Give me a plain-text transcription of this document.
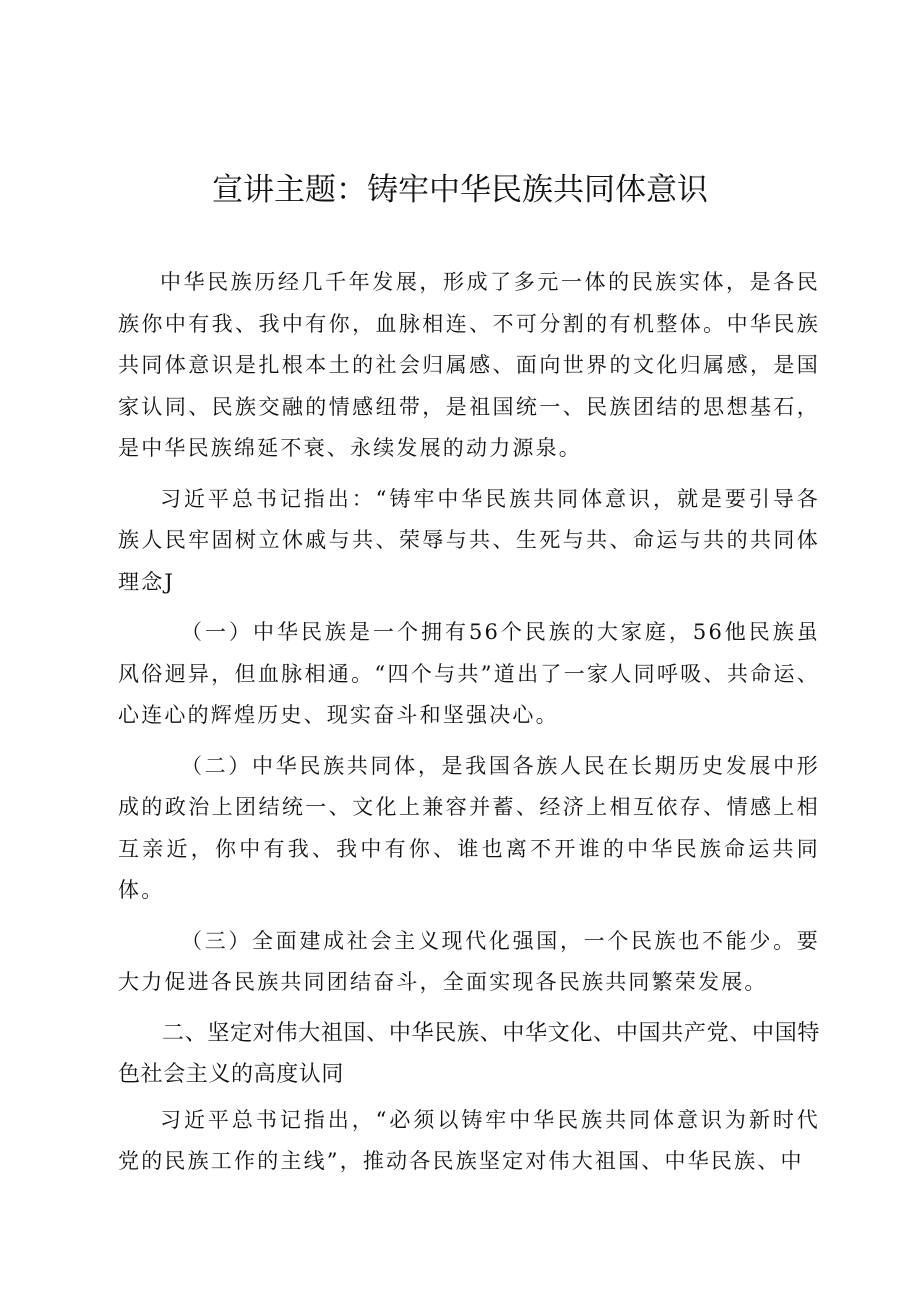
宣讲主题：铸牢中华民族共同体意识

中华民族历经几千年发展，形成了多元一体的民族实体，是各民族你中有我、我中有你，血脉相连、不可分割的有机整体。中华民族共同体意识是扎根本土的社会归属感、面向世界的文化归属感，是国家认同、民族交融的情感纽带，是祖国统一、民族团结的思想基石，是中华民族绵延不衰、永续发展的动力源泉。

习近平总书记指出：“铸牢中华民族共同体意识，就是要引导各族人民牢固树立休戚与共、荣辱与共、生死与共、命运与共的共同体理念J

（一）中华民族是一个拥有56个民族的大家庭，56他民族虽风俗迥异，但血脉相通。“四个与共”道出了一家人同呼吸、共命运、心连心的辉煌历史、现实奋斗和坚强决心。

（二）中华民族共同体，是我国各族人民在长期历史发展中形成的政治上团结统一、文化上兼容并蓄、经济上相互依存、情感上相互亲近，你中有我、我中有你、谁也离不开谁的中华民族命运共同体。

（三）全面建成社会主义现代化强国，一个民族也不能少。要大力促进各民族共同团结奋斗，全面实现各民族共同繁荣发展。

二、坚定对伟大祖国、中华民族、中华文化、中国共产党、中国特色社会主义的高度认同

习近平总书记指出，“必须以铸牢中华民族共同体意识为新时代党的民族工作的主线”，推动各民族坚定对伟大祖国、中华民族、中
